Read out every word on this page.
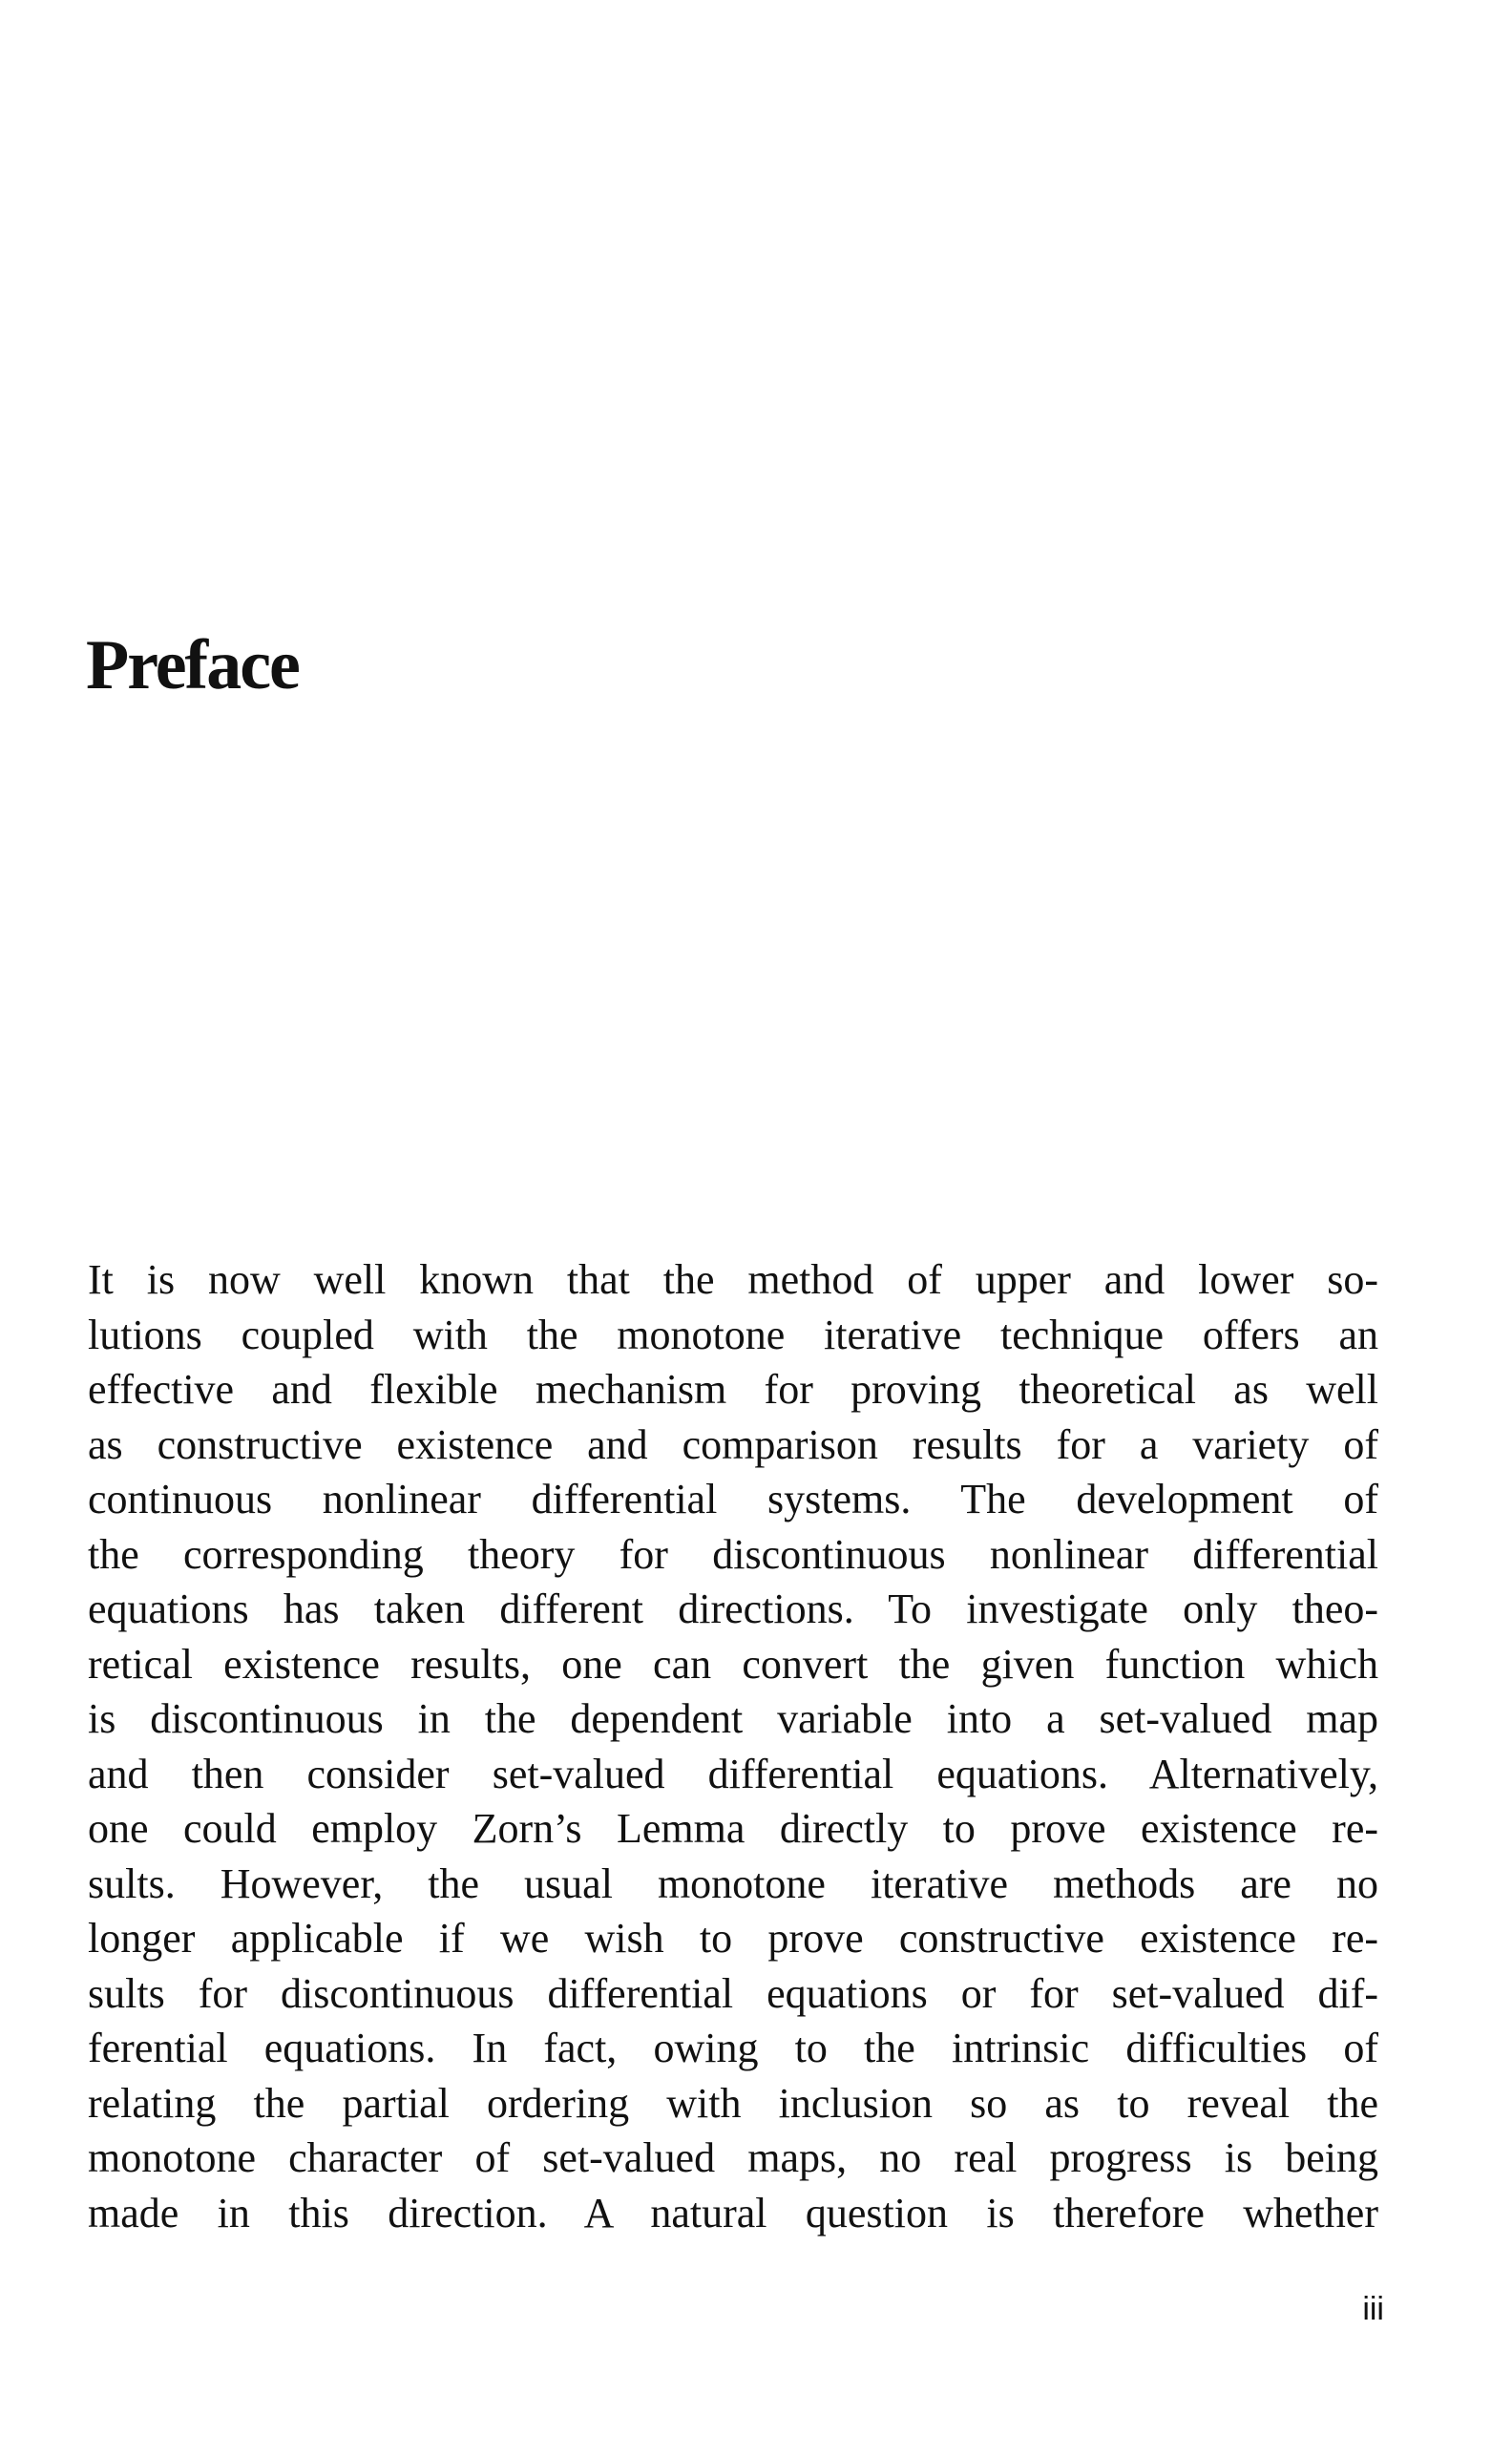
Preface
It is now well known that the method of upper and lower so-
lutions coupled with the monotone iterative technique offers an
effective and flexible mechanism for proving theoretical as well
as constructive existence and comparison results for a variety of
continuous nonlinear differential systems. The development of
the corresponding theory for discontinuous nonlinear differential
equations has taken different directions. To investigate only theo-
retical existence results, one can convert the given function which
is discontinuous in the dependent variable into a set-valued map
and then consider set-valued differential equations. Alternatively,
one could employ Zorn’s Lemma directly to prove existence re-
sults. However, the usual monotone iterative methods are no
longer applicable if we wish to prove constructive existence re-
sults for discontinuous differential equations or for set-valued dif-
ferential equations. In fact, owing to the intrinsic difficulties of
relating the partial ordering with inclusion so as to reveal the
monotone character of set-valued maps, no real progress is being
made in this direction. A natural question is therefore whether
iii
